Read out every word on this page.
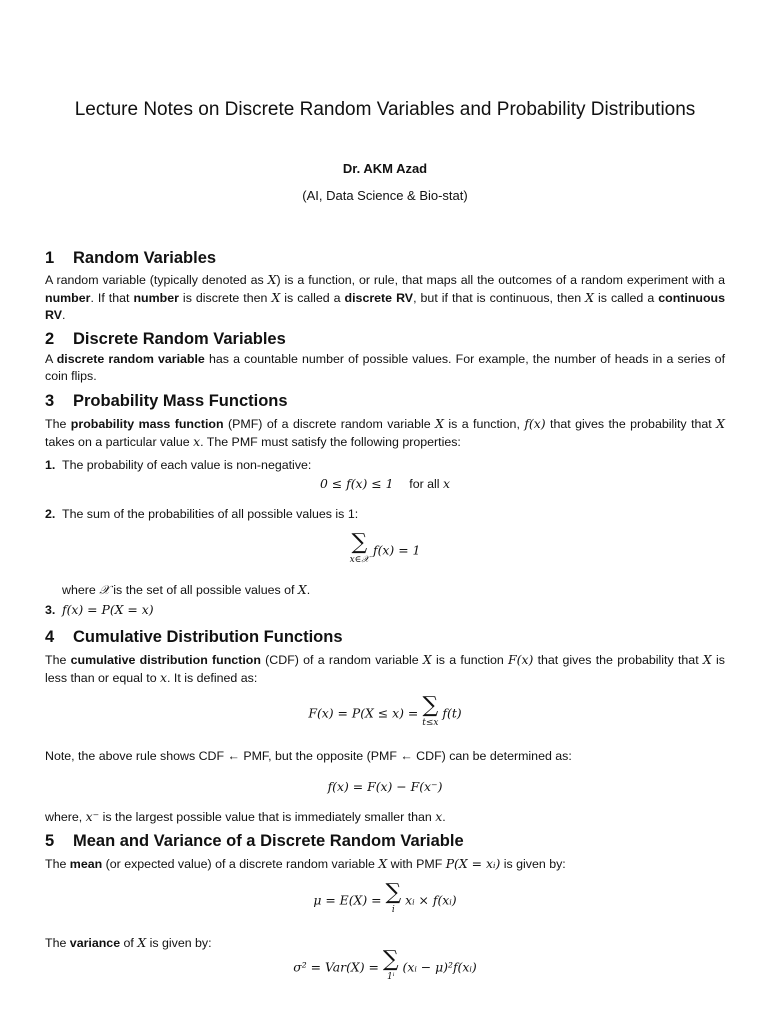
Lecture Notes on Discrete Random Variables and Probability Distributions
Dr. AKM Azad
(AI, Data Science & Bio-stat)
1 Random Variables
A random variable (typically denoted as X) is a function, or rule, that maps all the outcomes of a random experiment with a number. If that number is discrete then X is called a discrete RV, but if that is continuous, then X is called a continuous RV.
2 Discrete Random Variables
A discrete random variable has a countable number of possible values. For example, the number of heads in a series of coin flips.
3 Probability Mass Functions
The probability mass function (PMF) of a discrete random variable X is a function, f(x) that gives the probability that X takes on a particular value x. The PMF must satisfy the following properties:
1. The probability of each value is non-negative:
0 ≤ f(x) ≤ 1 for all x
2. The sum of the probabilities of all possible values is 1:
∑
x∈𝒳
f(x) = 1
where 𝒳 is the set of all possible values of X.
3. f(x) = P(X = x)
4 Cumulative Distribution Functions
The cumulative distribution function (CDF) of a random variable X is a function F(x) that gives the probability that X is less than or equal to x. It is defined as:
F(x) = P(X ≤ x) = ∑
t≤x
f(t)
Note, the above rule shows CDF ← PMF, but the opposite (PMF ← CDF) can be determined as:
f(x) = F(x) − F(x⁻)
where, x⁻ is the largest possible value that is immediately smaller than x.
5 Mean and Variance of a Discrete Random Variable
The mean (or expected value) of a discrete random variable X with PMF P(X = xᵢ) is given by:
μ = E(X) = ∑
i
xᵢ × f(xᵢ)
The variance of X is given by:
σ² = Var(X) = ∑
1ⁱ
(xᵢ − μ)²f(xᵢ)
